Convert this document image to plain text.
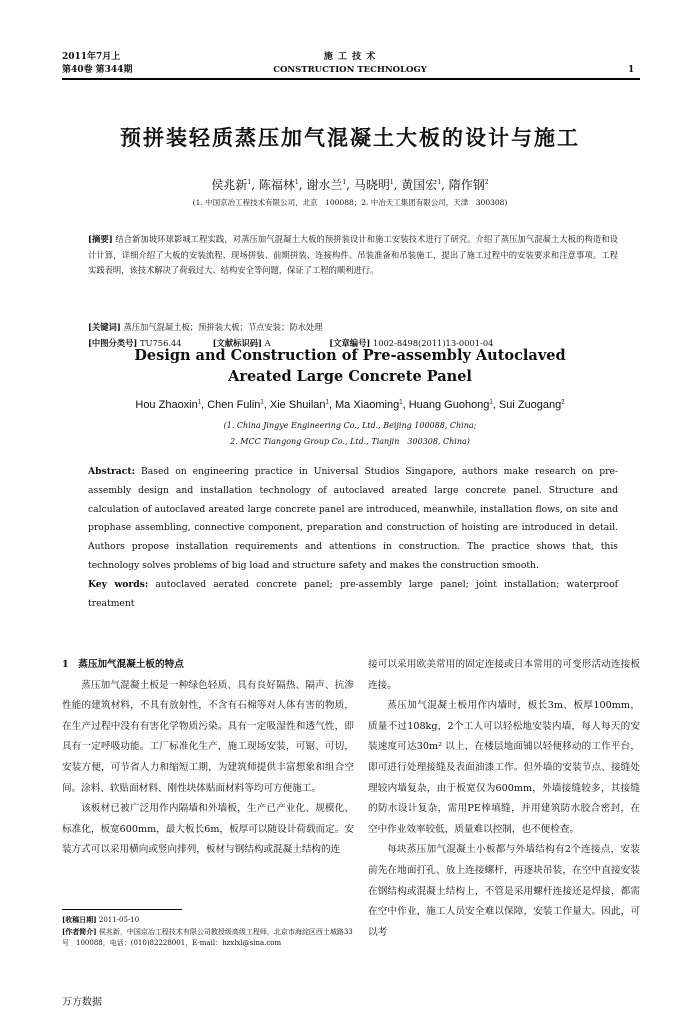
2011年7月上
第40卷 第344期
施 工 技 术
CONSTRUCTION TECHNOLOGY	1
预拼装轻质蒸压加气混凝土大板的设计与施工
侯兆新$^1$, 陈福林$^1$, 谢水兰$^1$, 马晓明$^1$, 黄国宏$^1$, 隋作钢$^2$
(1. 中国京冶工程技术有限公司，北京　100088；2. 中冶天工集团有限公司，天津　300308)
[摘要] 结合新加坡环球影城工程实践，对蒸压加气混凝土大板的预拼装设计和施工安装技术进行了研究。介绍了蒸压加气混凝土大板的构造和设计计算，详细介绍了大板的安装流程、现场拼装、前期拼装、连接构件、吊装准备和吊装施工，提出了施工过程中的安装要求和注意事项。工程实践表明，该技术解决了荷载过大、结构安全等问题，保证了工程的顺利进行。
[关键词] 蒸压加气混凝土板；预拼装大板；节点安装；防水处理
[中图分类号] TU756.44	[文献标识码] A	[文章编号] 1002-8498(2011)13-0001-04
Design and Construction of Pre-assembly Autoclaved
Areated Large Concrete Panel
Hou Zhaoxin$^1$, Chen Fulin$^1$, Xie Shuilan$^1$, Ma Xiaoming$^1$, Huang Guohong$^1$, Sui Zuogang$^2$
(1. China Jingye Engineering Co., Ltd., Beijing 100088, China;
2. MCC Tiangong Group Co., Ltd., Tianjin　300308, China)
Abstract: Based on engineering practice in Universal Studios Singapore, authors make research on pre-assembly design and installation technology of autoclaved areated large concrete panel. Structure and calculation of autoclaved areated large concrete panel are introduced, meanwhile, installation flows, on site and prophase assembling, connective component, preparation and construction of hoisting are introduced in detail. Authors propose installation requirements and attentions in construction. The practice shows that, this technology solves problems of big load and structure safety and makes the construction smooth.
Key words: autoclaved aerated concrete panel; pre-assembly large panel; joint installation; waterproof treatment

1　蒸压加气混凝土板的特点

蒸压加气混凝土板是一种绿色轻质、具有良好隔热、隔声、抗渗性能的建筑材料，不具有放射性，不含有石棉等对人体有害的物质，在生产过程中没有有害化学物质污染。具有一定吸湿性和透气性，即具有一定呼吸功能。工厂标准化生产，施工现场安装，可锯、可切，安装方便，可节省人力和缩短工期，为建筑师提供丰富想象和组合空间。涂料、软贴面材料、刚性块体贴面材料等均可方便施工。

该板材已被广泛用作内隔墙和外墙板，生产已产业化、规模化、标准化，板宽600mm，最大板长6m，板厚可以随设计荷载而定。安装方式可以采用横向或竖向排列，板材与钢结构或混凝土结构的连

[收稿日期] 2011-05-10
[作者简介] 侯兆新，中国京冶工程技术有限公司教授级高级工程师，北京市海淀区西土城路33号　100088，电话：(010)82228001，E-mail：hzxlxl@sina.com

接可以采用欧美常用的固定连接或日本常用的可变形活动连接板连接。

蒸压加气混凝土板用作内墙时，板长3m、板厚100mm，质量不过108kg，2个工人可以轻松地安装内墙，每人每天的安装速度可达30m² 以上，在楼层地面铺以轻便移动的工作平台，即可进行处理接缝及表面油漆工作。但外墙的安装节点、接缝处理较内墙复杂，由于板宽仅为600mm，外墙接缝较多，其接缝的防水设计复杂，需用PE棒填缝，并用建筑防水胶合密封，在空中作业效率较低，质量难以控制，也不便检查。

每块蒸压加气混凝土小板都与外墙结构有2个连接点，安装前先在地面打孔、放上连接螺杆，再逐块吊装，在空中直接安装在钢结构或混凝土结构上，不管是采用螺杆连接还是焊接，都需在空中作业，施工人员安全难以保障，安装工作量大。因此，可以考

万方数据
